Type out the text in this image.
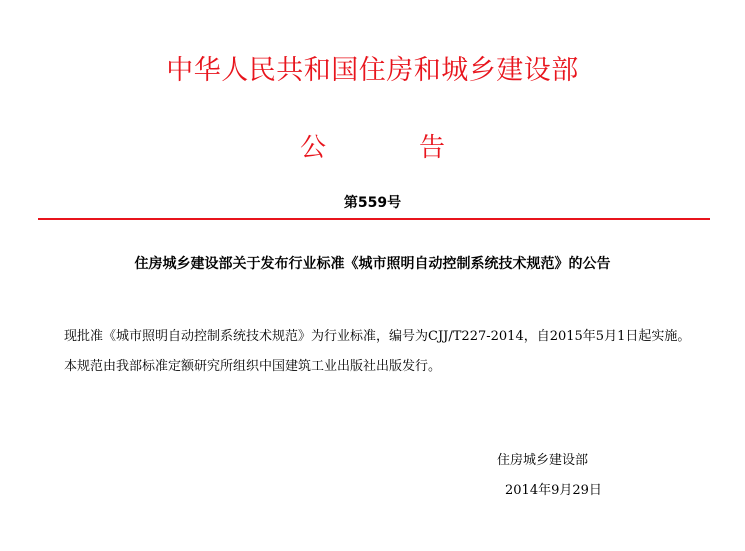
中华人民共和国住房和城乡建设部
公	告
第559号
住房城乡建设部关于发布行业标准《城市照明自动控制系统技术规范》的公告
现批准《城市照明自动控制系统技术规范》为行业标准，编号为CJJ/T227-2014，自2015年5月1日起实施。
本规范由我部标准定额研究所组织中国建筑工业出版社出版发行。
住房城乡建设部
2014年9月29日
